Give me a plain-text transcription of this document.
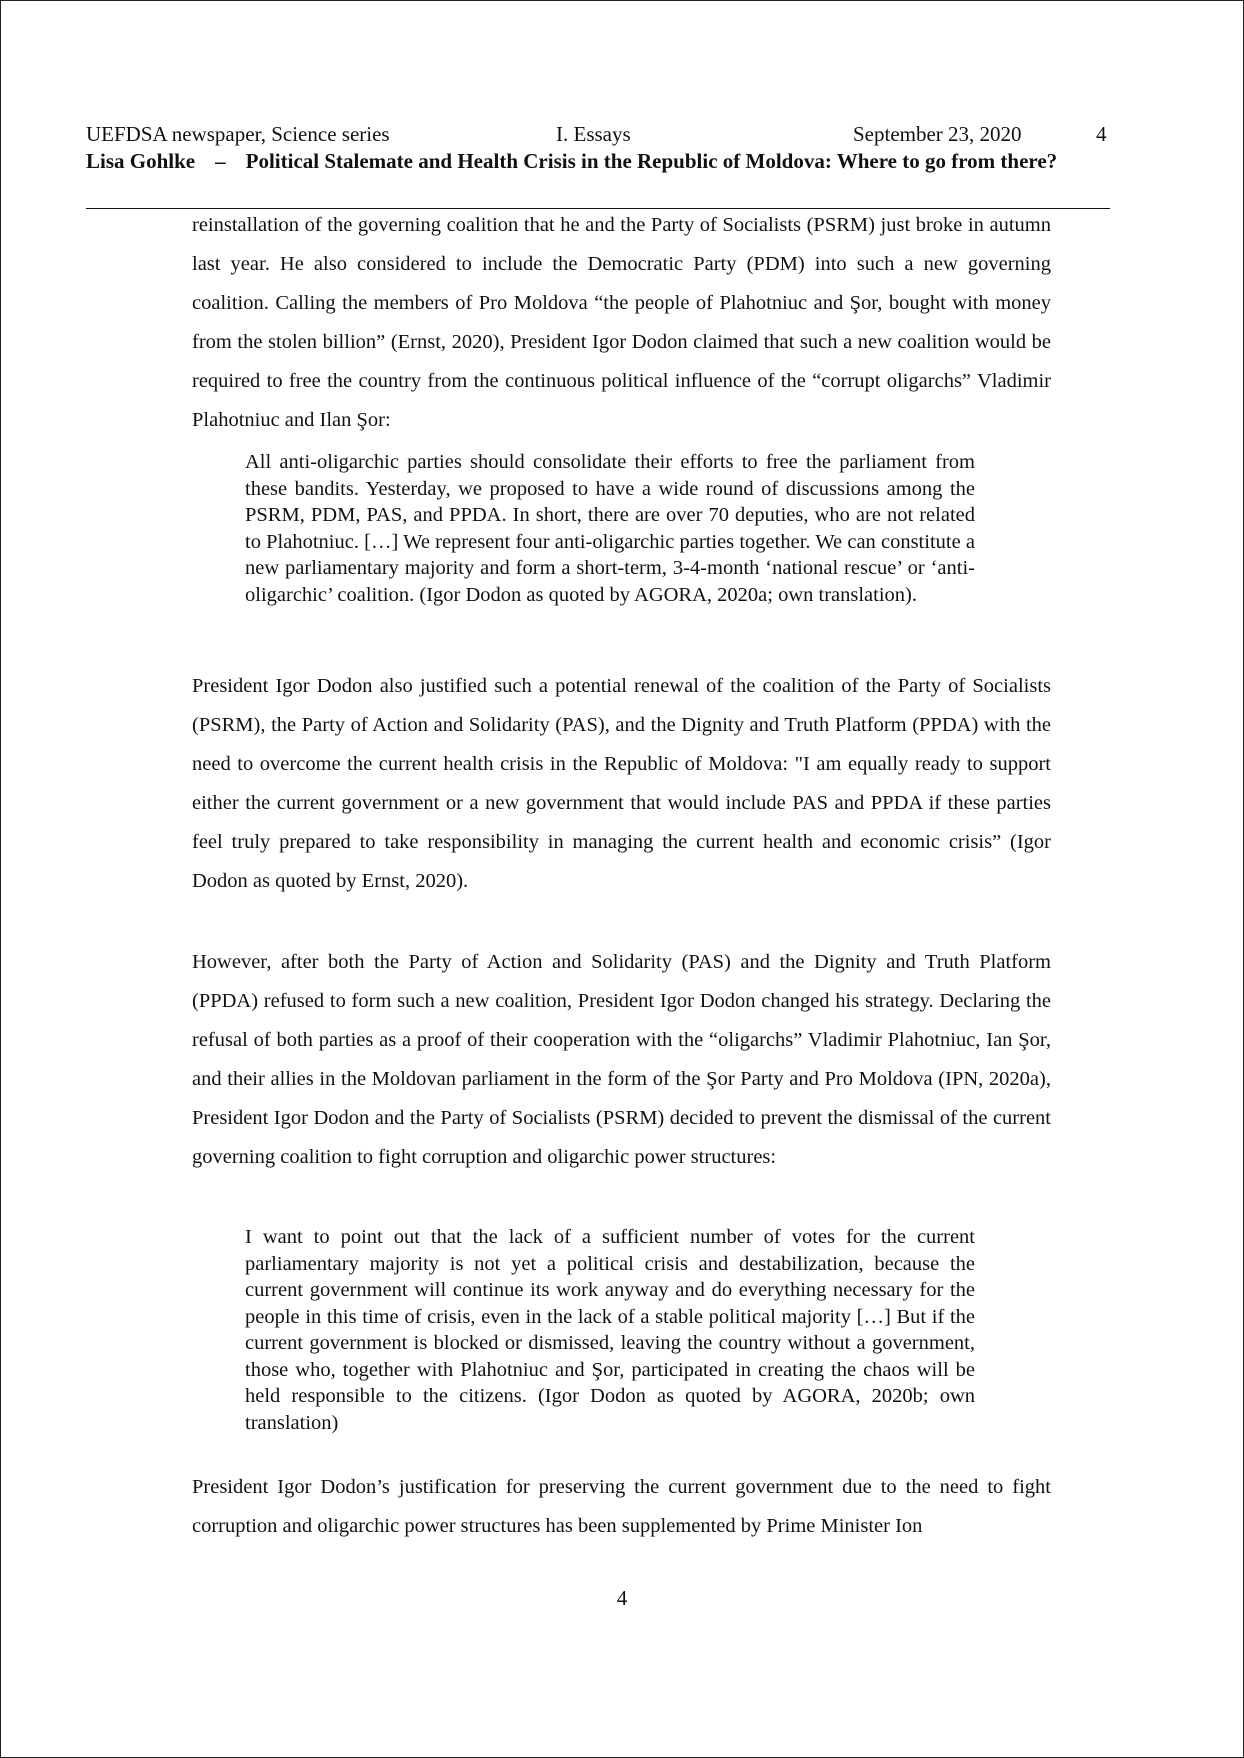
UEFDSA newspaper, Science series	I. Essays	September 23, 2020	4
Lisa Gohlke – Political Stalemate and Health Crisis in the Republic of Moldova: Where to go from there?

reinstallation of the governing coalition that he and the Party of Socialists (PSRM) just broke in autumn last year. He also considered to include the Democratic Party (PDM) into such a new governing coalition. Calling the members of Pro Moldova “the people of Plahotniuc and Şor, bought with money from the stolen billion” (Ernst, 2020), President Igor Dodon claimed that such a new coalition would be required to free the country from the continuous political influence of the “corrupt oligarchs” Vladimir Plahotniuc and Ilan Şor:

All anti-oligarchic parties should consolidate their efforts to free the parliament from these bandits. Yesterday, we proposed to have a wide round of discussions among the PSRM, PDM, PAS, and PPDA. In short, there are over 70 deputies, who are not related to Plahotniuc. […] We represent four anti-oligarchic parties together. We can constitute a new parliamentary majority and form a short-term, 3-4-month ‘national rescue’ or ‘anti-oligarchic’ coalition. (Igor Dodon as quoted by AGORA, 2020a; own translation).

President Igor Dodon also justified such a potential renewal of the coalition of the Party of Socialists (PSRM), the Party of Action and Solidarity (PAS), and the Dignity and Truth Platform (PPDA) with the need to overcome the current health crisis in the Republic of Moldova: "I am equally ready to support either the current government or a new government that would include PAS and PPDA if these parties feel truly prepared to take responsibility in managing the current health and economic crisis” (Igor Dodon as quoted by Ernst, 2020).

However, after both the Party of Action and Solidarity (PAS) and the Dignity and Truth Platform (PPDA) refused to form such a new coalition, President Igor Dodon changed his strategy. Declaring the refusal of both parties as a proof of their cooperation with the “oligarchs” Vladimir Plahotniuc, Ian Şor, and their allies in the Moldovan parliament in the form of the Şor Party and Pro Moldova (IPN, 2020a), President Igor Dodon and the Party of Socialists (PSRM) decided to prevent the dismissal of the current governing coalition to fight corruption and oligarchic power structures:

I want to point out that the lack of a sufficient number of votes for the current parliamentary majority is not yet a political crisis and destabilization, because the current government will continue its work anyway and do everything necessary for the people in this time of crisis, even in the lack of a stable political majority […] But if the current government is blocked or dismissed, leaving the country without a government, those who, together with Plahotniuc and Şor, participated in creating the chaos will be held responsible to the citizens. (Igor Dodon as quoted by AGORA, 2020b; own translation)

President Igor Dodon’s justification for preserving the current government due to the need to fight corruption and oligarchic power structures has been supplemented by Prime Minister Ion

4
